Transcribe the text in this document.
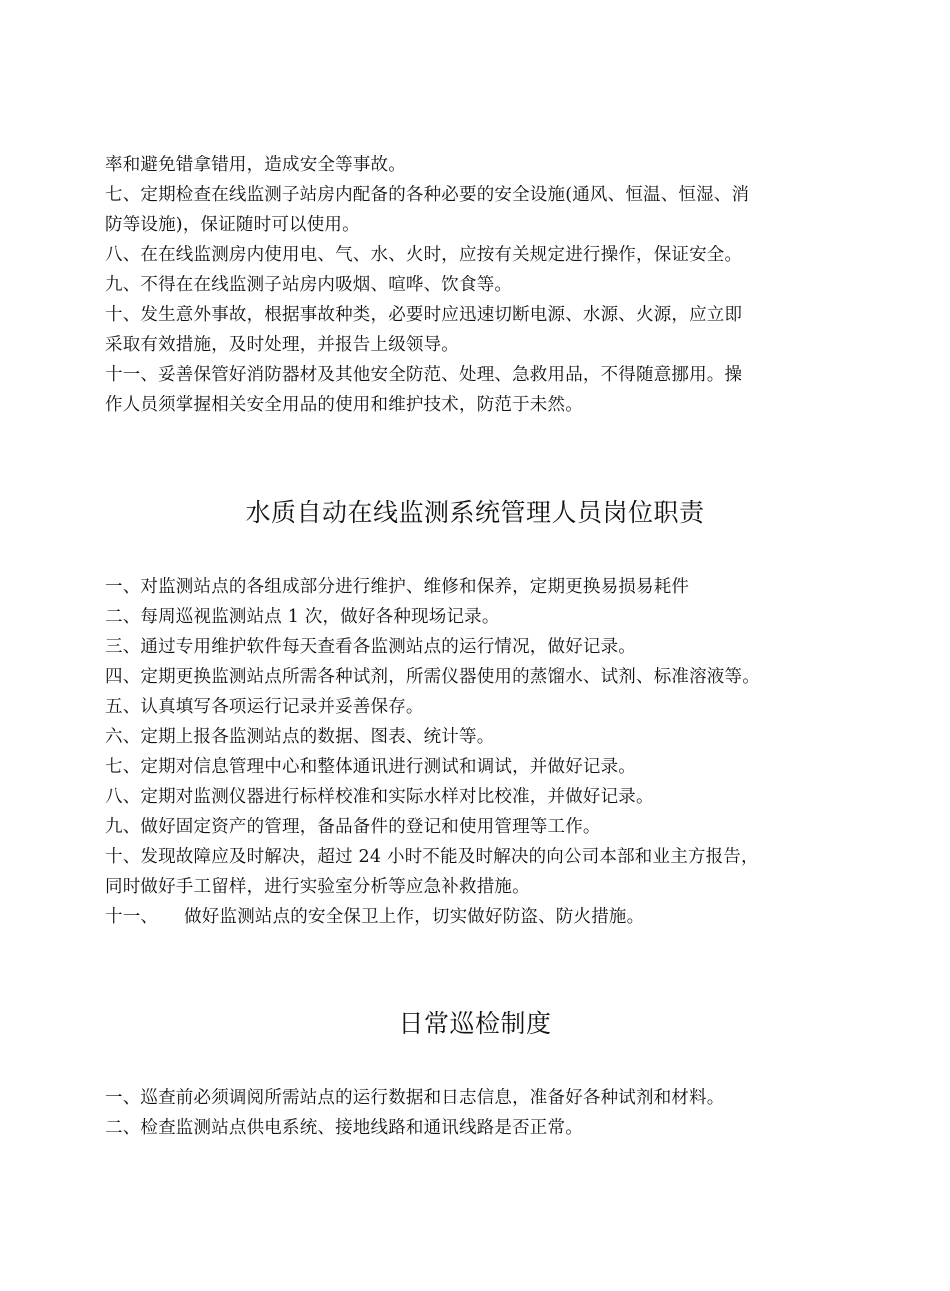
率和避免错拿错用，造成安全等事故。
七、定期检查在线监测子站房内配备的各种必要的安全设施(通风、恒温、恒湿、消
防等设施)，保证随时可以使用。
八、在在线监测房内使用电、气、水、火时，应按有关规定进行操作，保证安全。
九、不得在在线监测子站房内吸烟、喧哗、饮食等。
十、发生意外事故，根据事故种类，必要时应迅速切断电源、水源、火源，应立即
采取有效措施，及时处理，并报告上级领导。
十一、妥善保管好消防器材及其他安全防范、处理、急救用品，不得随意挪用。操
作人员须掌握相关安全用品的使用和维护技术，防范于未然。
水质自动在线监测系统管理人员岗位职责
一、对监测站点的各组成部分进行维护、维修和保养，定期更换易损易耗件
二、每周巡视监测站点 1 次，做好各种现场记录。
三、通过专用维护软件每天查看各监测站点的运行情况，做好记录。
四、定期更换监测站点所需各种试剂，所需仪器使用的蒸馏水、试剂、标准溶液等。
五、认真填写各项运行记录并妥善保存。
六、定期上报各监测站点的数据、图表、统计等。
七、定期对信息管理中心和整体通讯进行测试和调试，并做好记录。
八、定期对监测仪器进行标样校准和实际水样对比校准，并做好记录。
九、做好固定资产的管理，备品备件的登记和使用管理等工作。
十、发现故障应及时解决，超过 24 小时不能及时解决的向公司本部和业主方报告，
同时做好手工留样，进行实验室分析等应急补救措施。
十一、 做好监测站点的安全保卫上作，切实做好防盗、防火措施。
日常巡检制度
一、巡查前必须调阅所需站点的运行数据和日志信息，准备好各种试剂和材料。
二、检查监测站点供电系统、接地线路和通讯线路是否正常。
